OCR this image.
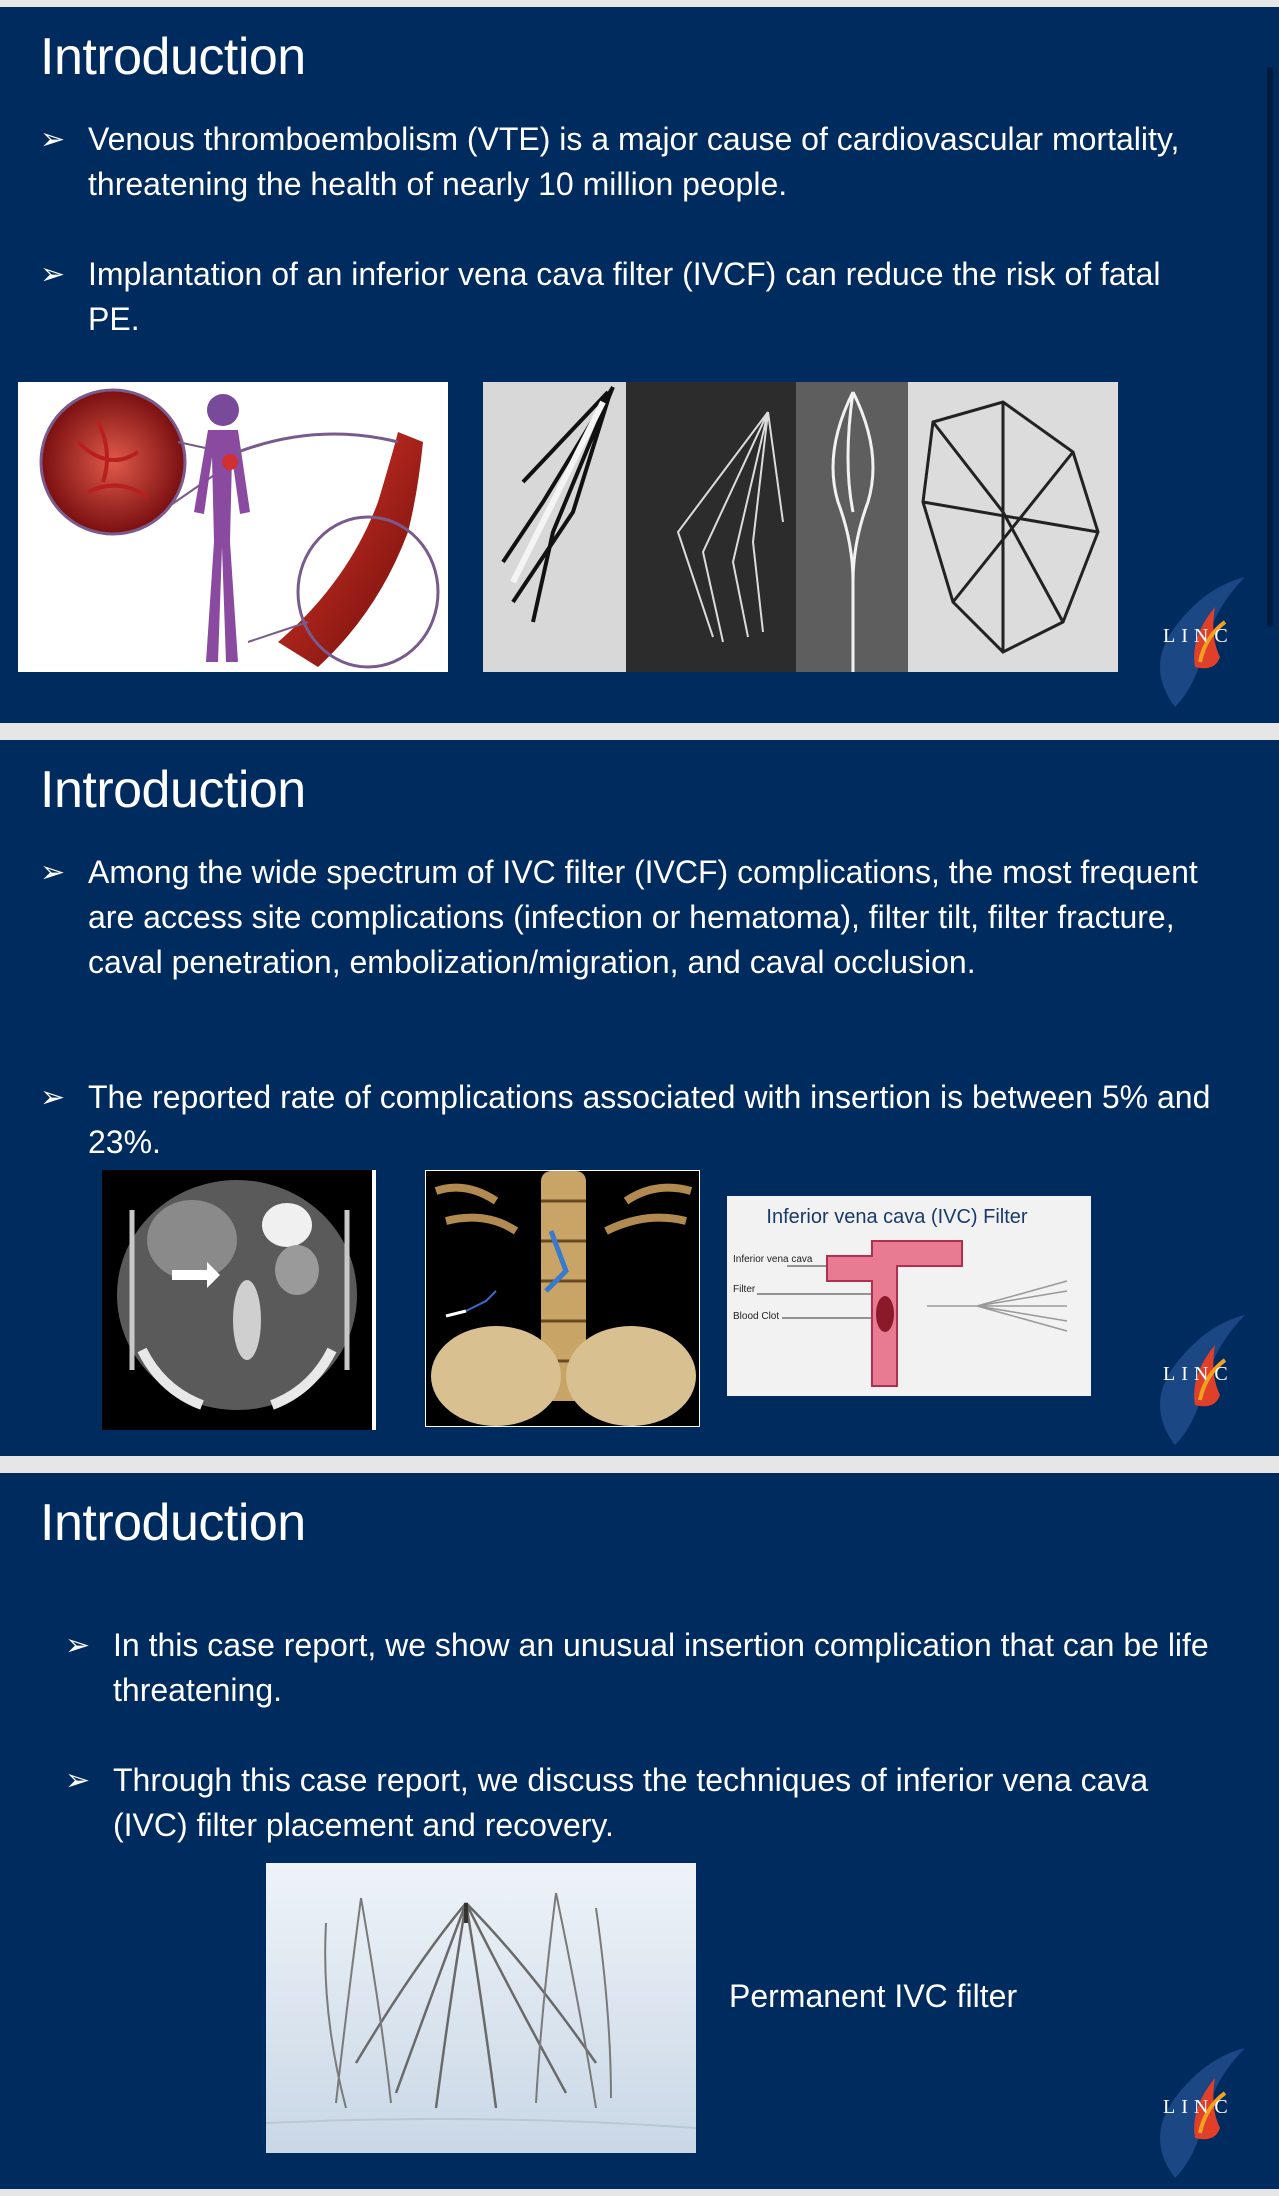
Introduction
➢ Venous thromboembolism (VTE) is a major cause of cardiovascular mortality, threatening the health of nearly 10 million people.
➢ Implantation of an inferior vena cava filter (IVCF) can reduce the risk of fatal PE.
LINC
Introduction
➢ Among the wide spectrum of IVC filter (IVCF) complications, the most frequent are access site complications (infection or hematoma), filter tilt, filter fracture, caval penetration, embolization/migration, and caval occlusion.
➢ The reported rate of complications associated with insertion is between 5% and 23%.
Inferior vena cava (IVC) Filter
Inferior vena cava
Filter
Blood Clot
LINC
Introduction
➢ In this case report, we show an unusual insertion complication that can be life threatening.
➢ Through this case report, we discuss the techniques of inferior vena cava (IVC) filter placement and recovery.
Permanent IVC filter
LINC
